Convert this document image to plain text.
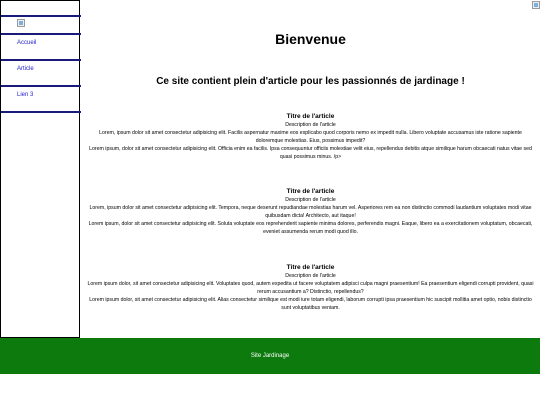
Accueil
Article
Lien 3
Bienvenue
Ce site contient plein d'article pour les passionnés de jardinage !
Titre de l'article
Description de l'article

Lorem, ipsum dolor sit amet consectetur adipisicing elit. Facilis aspernatur maxime eos explicabo quod corporis nemo ex impedit nulla. Libero voluptate accusamus iste ratione sapiente doloremque molestias. Eius, possimus impedit?

Lorem ipsum, dolor sit amet consectetur adipisicing elit. Officia enim ea facilis. Ipsa consequuntur officiis molestiae velit eius, repellendus debitis atque similique harum obcaecati natus vitae sed quasi possimus minus. /p>

Titre de l'article
Description de l'article

Lorem, ipsum dolor sit amet consectetur adipisicing elit. Tempora, neque deserunt repudiandae molestias harum vel. Asperiores rem ea non distinctio commodi laudantium voluptates modi vitae quibusdam dicta! Architecto, aut itaque!

Lorem ipsum, dolor sit amet consectetur adipisicing elit. Soluta voluptate eos reprehenderit sapiente minima dolores, perferendis magni. Eaque, libero ea a exercitationem voluptatum, obcaecati, eveniet assumenda rerum modi quod illo.

Titre de l'article
Description de l'article

Lorem ipsum dolor, sit amet consectetur adipisicing elit. Voluptates quod, autem expedita ut facere voluptatem adipisci culpa magni praesentium! Ea praesentium eligendi corrupti provident, quasi rerum accusantium a? Distinctio, repellendus?

Lorem ipsum dolor, sit amet consectetur adipisicing elit. Alias consectetur similique est modi iure totam eligendi, laborum corrupti ipsa praesentium hic suscipit mollitia amet optio, nobis distinctio sunt voluptatibus veniam.

Site Jardinage
